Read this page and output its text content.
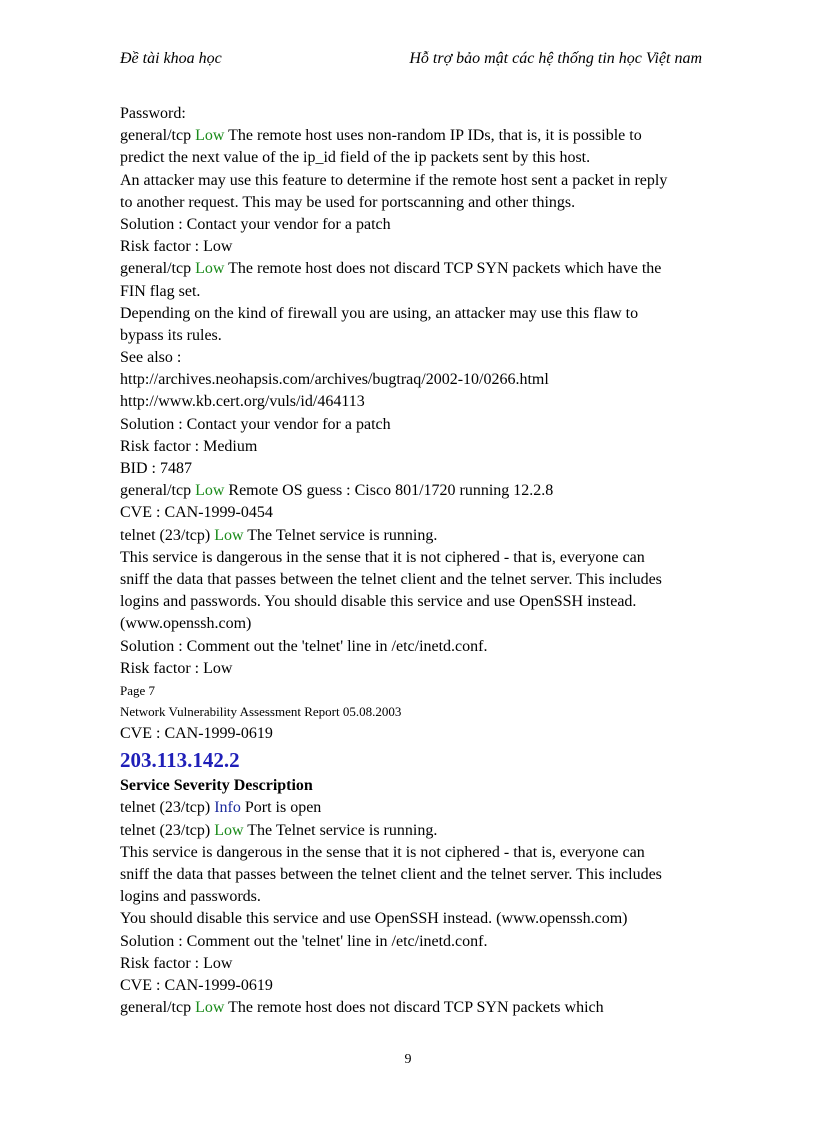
Đề tài khoa học	Hỗ trợ bảo mật các hệ thống tin học Việt nam
Password:
general/tcp Low The remote host uses non-random IP IDs, that is, it is possible to
predict the next value of the ip_id field of the ip packets sent by this host.
An attacker may use this feature to determine if the remote host sent a packet in reply
to another request. This may be used for portscanning and other things.
Solution : Contact your vendor for a patch
Risk factor : Low
general/tcp Low The remote host does not discard TCP SYN packets which have the
FIN flag set.
Depending on the kind of firewall you are using, an attacker may use this flaw to
bypass its rules.
See also :
http://archives.neohapsis.com/archives/bugtraq/2002-10/0266.html
http://www.kb.cert.org/vuls/id/464113
Solution : Contact your vendor for a patch
Risk factor : Medium
BID : 7487
general/tcp Low Remote OS guess : Cisco 801/1720 running 12.2.8
CVE : CAN-1999-0454
telnet (23/tcp) Low The Telnet service is running.
This service is dangerous in the sense that it is not ciphered - that is, everyone can
sniff the data that passes between the telnet client and the telnet server. This includes
logins and passwords. You should disable this service and use OpenSSH instead.
(www.openssh.com)
Solution : Comment out the 'telnet' line in /etc/inetd.conf.
Risk factor : Low
Page 7
Network Vulnerability Assessment Report 05.08.2003
CVE : CAN-1999-0619
203.113.142.2
Service Severity Description
telnet (23/tcp) Info Port is open
telnet (23/tcp) Low The Telnet service is running.
This service is dangerous in the sense that it is not ciphered - that is, everyone can
sniff the data that passes between the telnet client and the telnet server. This includes
logins and passwords.
You should disable this service and use OpenSSH instead. (www.openssh.com)
Solution : Comment out the 'telnet' line in /etc/inetd.conf.
Risk factor : Low
CVE : CAN-1999-0619
general/tcp Low The remote host does not discard TCP SYN packets which
9
